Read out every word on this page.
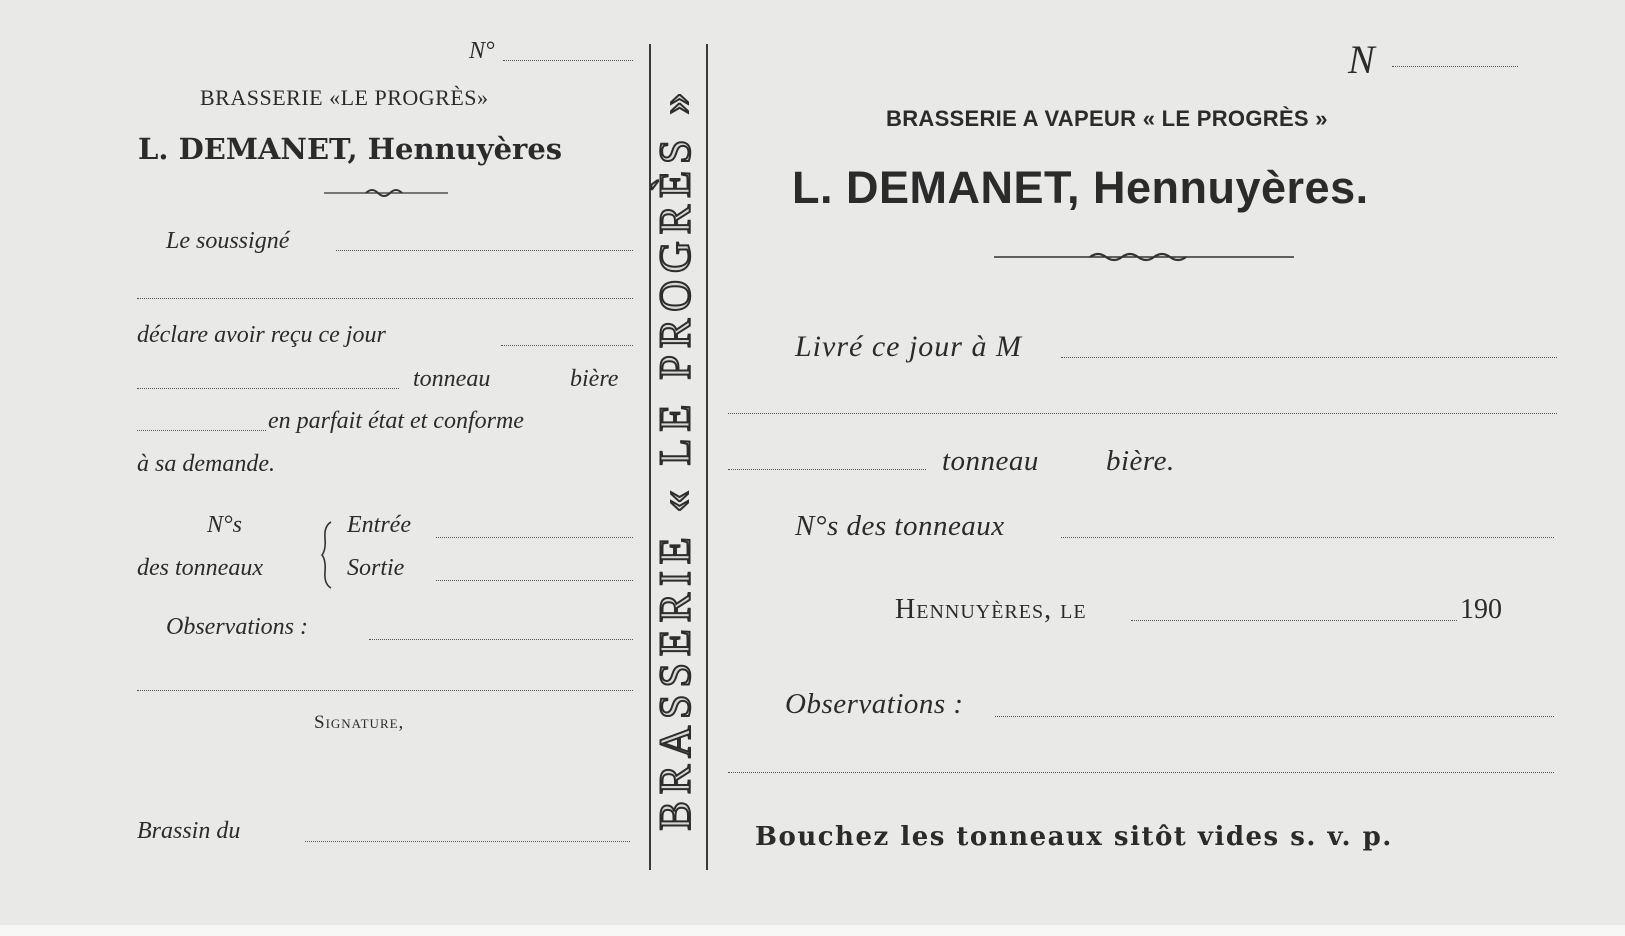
N°
BRASSERIE «LE PROGRÈS»
L. DEMANET, Hennuyères
Le soussigné
déclare avoir reçu ce jour
tonneau	bière
en parfait état et conforme
à sa demande.
N°s
des tonneaux
Entrée
Sortie
Observations :
Signature,
Brassin du
BRASSERIE « LE PROGRÈS »
N
BRASSERIE A VAPEUR « LE PROGRÈS »
L. DEMANET, Hennuyères.
Livré ce jour à M
tonneau bière.
N°s des tonneaux
Hennuyères, le	190
Observations :
Bouchez les tonneaux sitôt vides s. v. p.
